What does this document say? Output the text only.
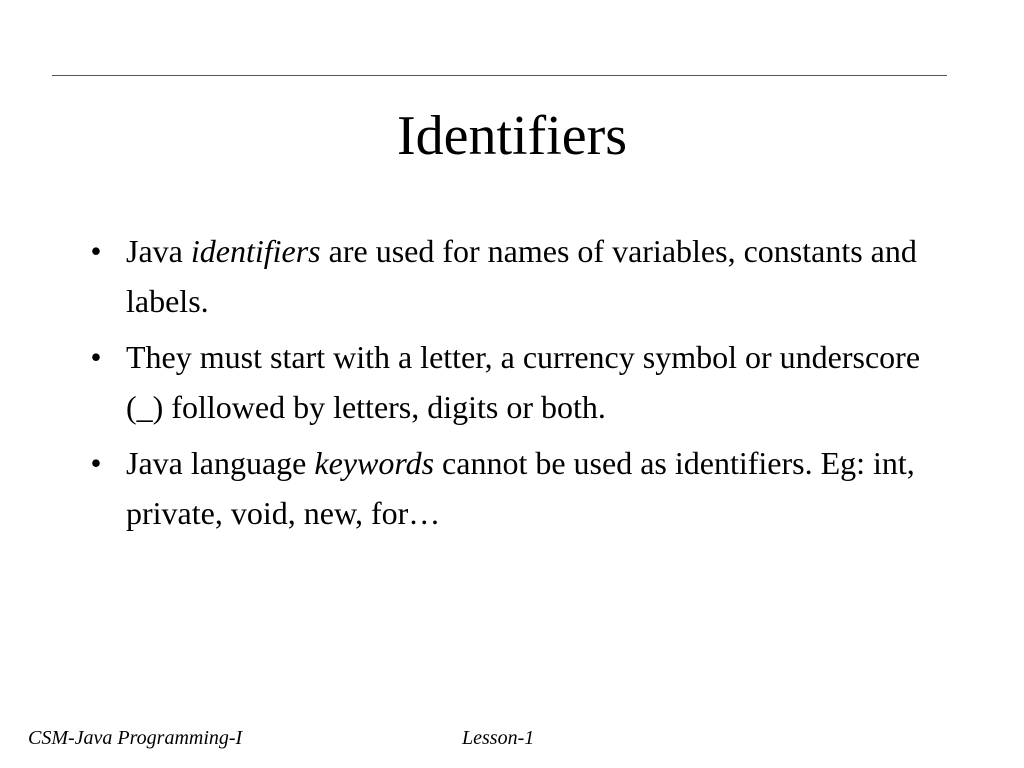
Identifiers
• Java identifiers are used for names of variables, constants and labels.
• They must start with a letter, a currency symbol or underscore (_) followed by letters, digits or both.
• Java language keywords cannot be used as identifiers. Eg: int, private, void, new, for…
CSM-Java Programming-I	Lesson-1
